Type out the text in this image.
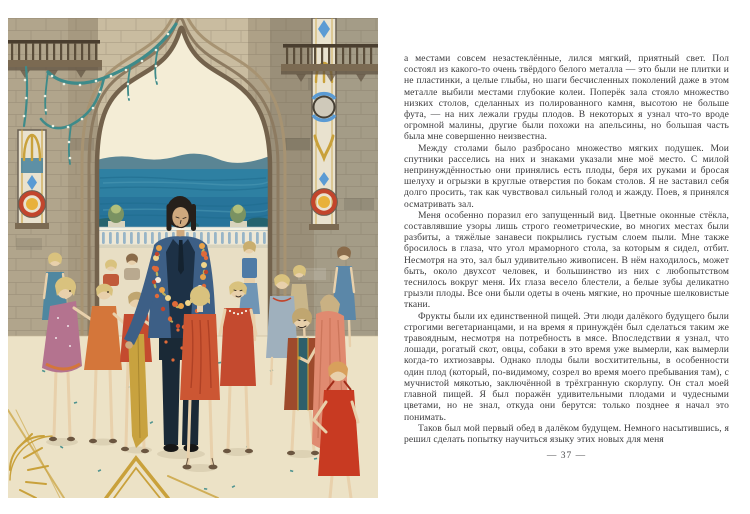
а местами совсем незастеклённые, лился мягкий, приятный свет. Пол состоял из какого-то очень твёрдого белого металла — это были не плитки и не пластинки, а целые глыбы, но шаги бесчисленных поколений даже в этом металле выбили местами глубокие колеи. Поперёк зала стояло множество низких столов, сделанных из полированного камня, высотою не больше фута, — на них лежали груды плодов. В некоторых я узнал что-то вроде огромной малины, другие были похожи на апельсины, но большая часть была мне совершенно неизвестна.

Между столами было разбросано множество мягких подушек. Мои спутники расселись на них и знаками указали мне моё место. С милой непринуждённостью они принялись есть плоды, беря их руками и бросая шелуху и огрызки в круглые отверстия по бокам столов. Я не заставил себя долго просить, так как чувствовал сильный голод и жажду. Поев, я принялся осматривать зал.

Меня особенно поразил его запущенный вид. Цветные оконные стёкла, составлявшие узоры лишь строго геометрические, во многих местах были разбиты, а тяжёлые занавеси покрылись густым слоем пыли. Мне также бросилось в глаза, что угол мраморного стола, за которым я сидел, отбит. Несмотря на это, зал был удивительно живописен. В нём находилось, может быть, около двухсот человек, и большинство из них с любопытством теснилось вокруг меня. Их глаза весело блестели, а белые зубы деликатно грызли плоды. Все они были одеты в очень мягкие, но прочные шелковистые ткани.

Фрукты были их единственной пищей. Эти люди далёкого будущего были строгими вегетарианцами, и на время я принуждён был сделаться таким же травоядным, несмотря на потребность в мясе. Впоследствии я узнал, что лошади, рогатый скот, овцы, собаки в это время уже вымерли, как вымерли когда-то ихтиозавры. Однако плоды были восхитительны, в особенности один плод (который, по-видимому, созрел во время моего пребывания там), с мучнистой мякотью, заключённой в трёхгранную скорлупу. Он стал моей главной пищей. Я был поражён удивительными плодами и чудесными цветами, но не знал, откуда они берутся: только позднее я начал это понимать.

Таков был мой первый обед в далёком будущем. Немного насытившись, я решил сделать попытку научиться языку этих новых для меня

— 37 —
